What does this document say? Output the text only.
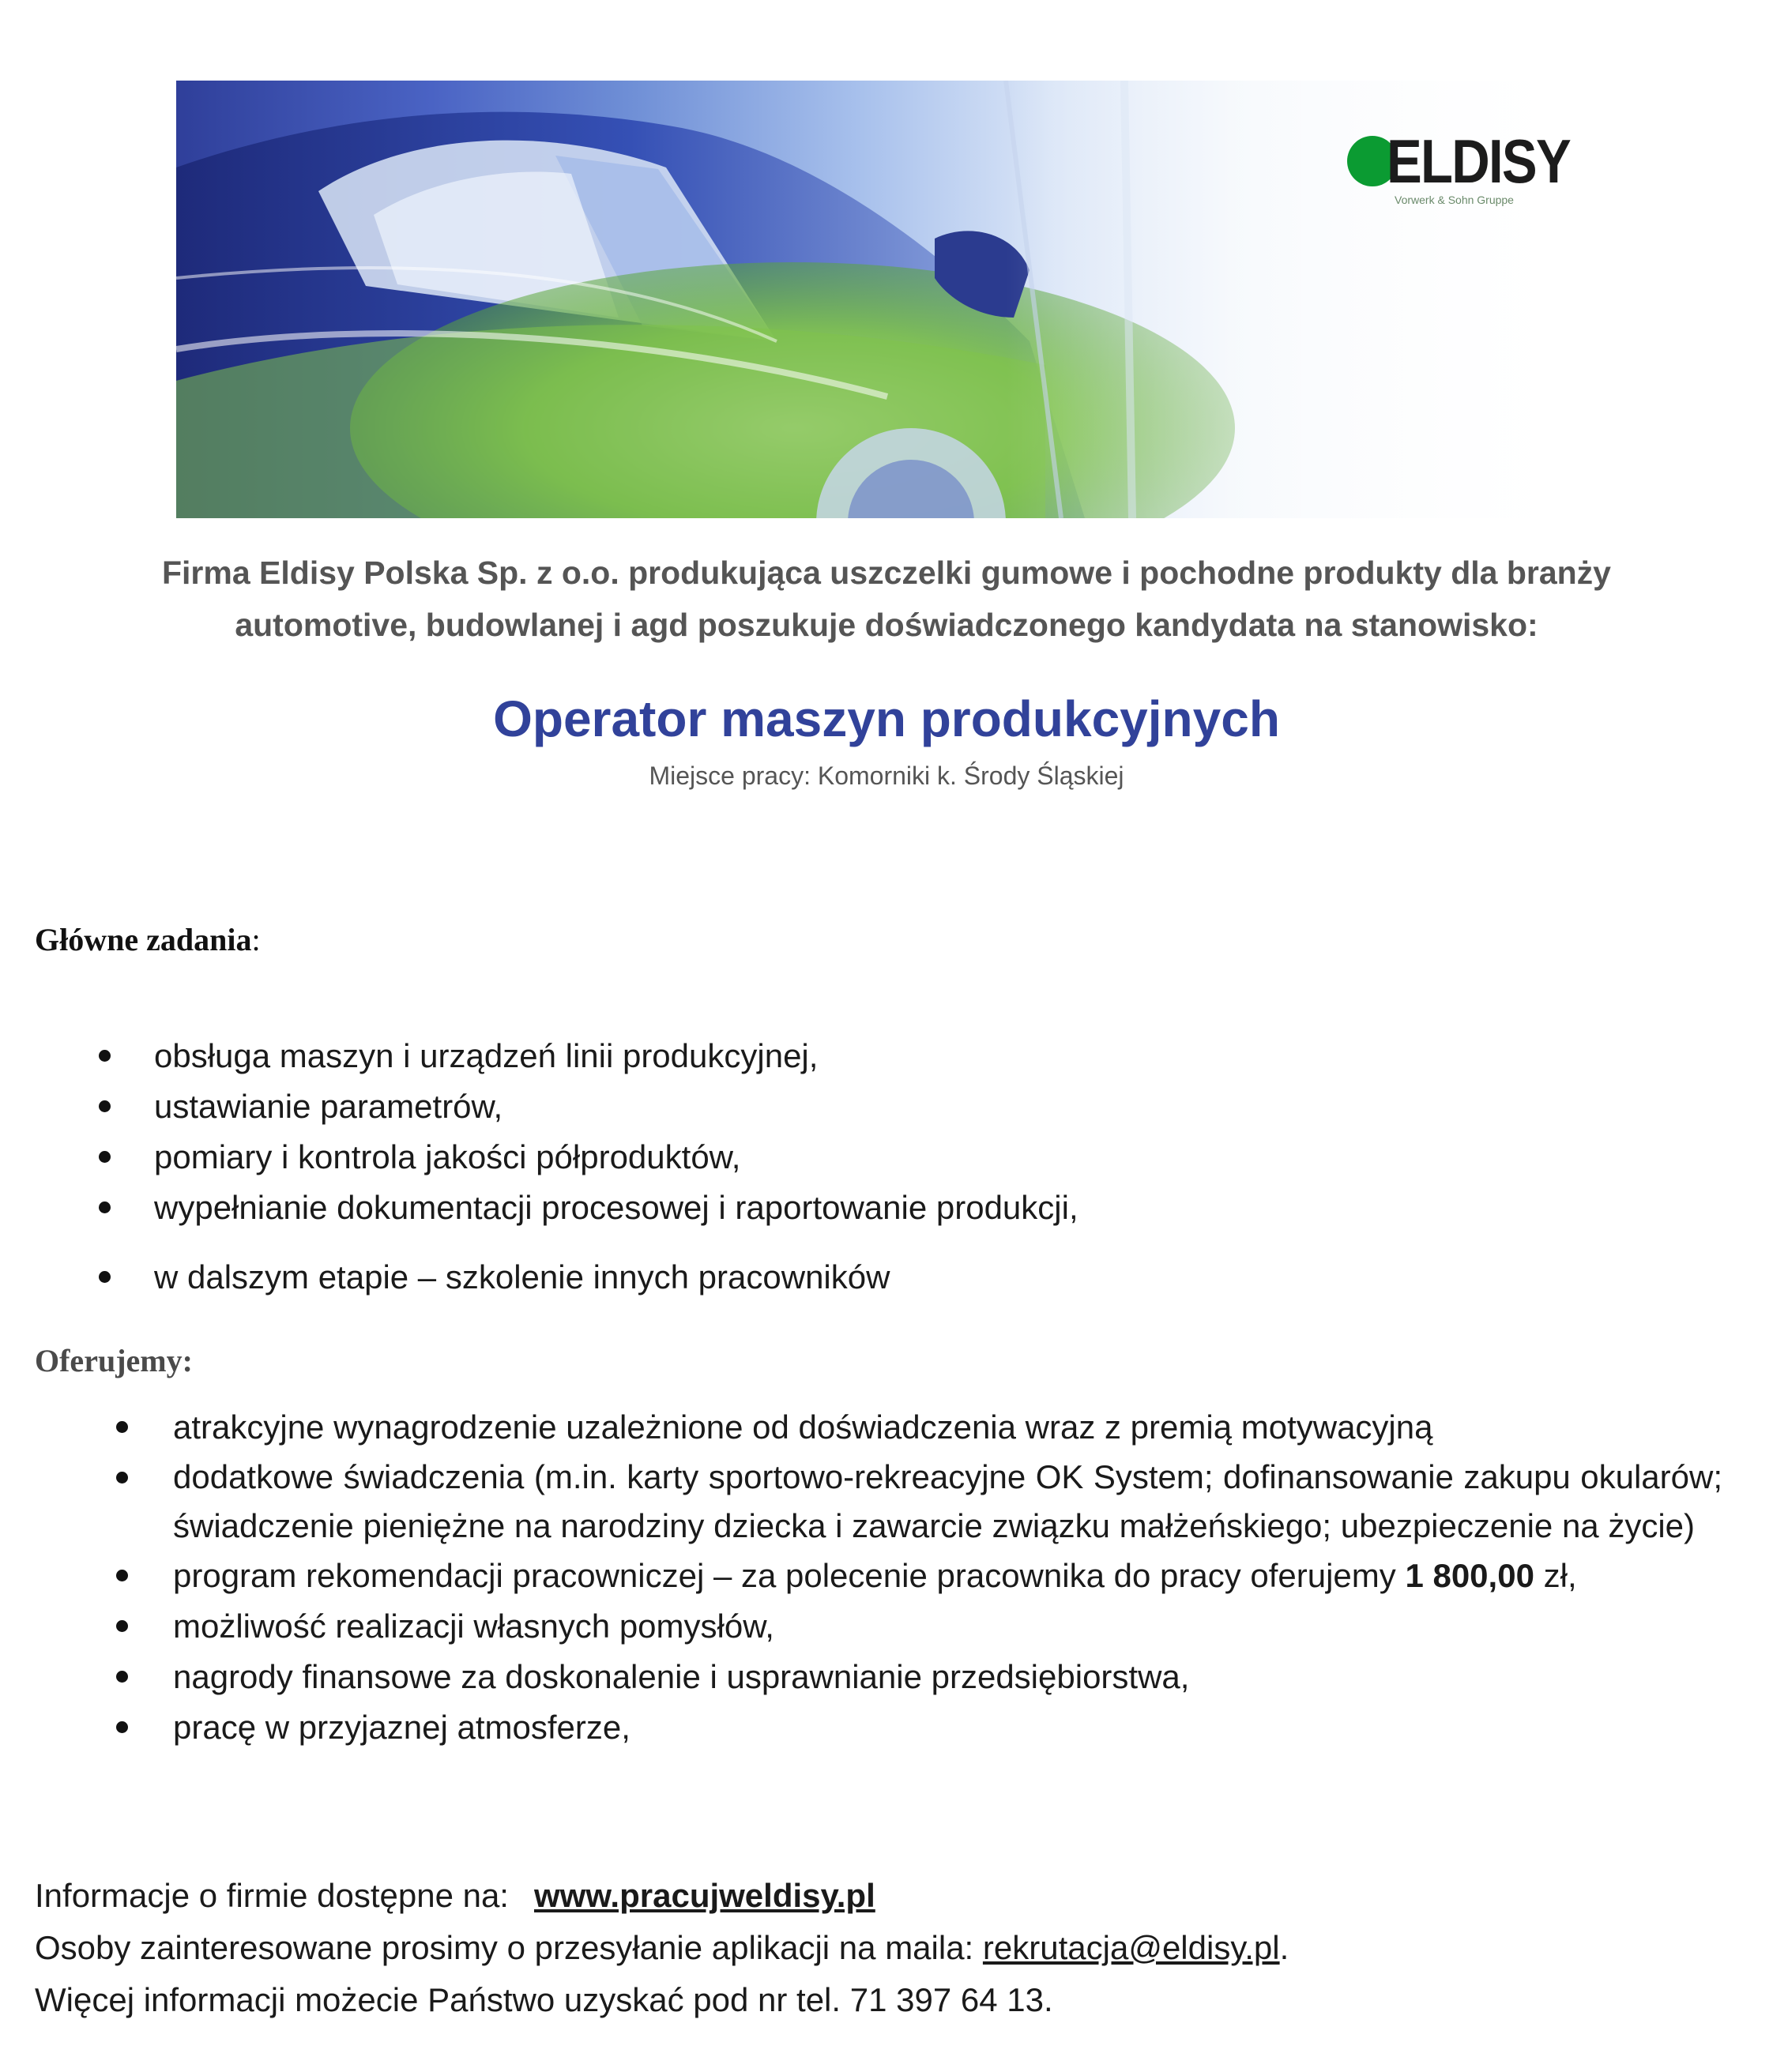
ELDISY
Vorwerk & Sohn Gruppe
Firma Eldisy Polska Sp. z o.o. produkująca uszczelki gumowe i pochodne produkty dla branży
automotive, budowlanej i agd poszukuje doświadczonego kandydata na stanowisko:
Operator maszyn produkcyjnych
Miejsce pracy: Komorniki k. Środy Śląskiej
Główne zadania:
obsługa maszyn i urządzeń linii produkcyjnej,
ustawianie parametrów,
pomiary i kontrola jakości półproduktów,
wypełnianie dokumentacji procesowej i raportowanie produkcji,
w dalszym etapie – szkolenie innych pracowników
Oferujemy:
atrakcyjne wynagrodzenie uzależnione od doświadczenia wraz z premią motywacyjną
dodatkowe świadczenia (m.in. karty sportowo-rekreacyjne OK System; dofinansowanie zakupu okularów; świadczenie pieniężne na narodziny dziecka i zawarcie związku małżeńskiego; ubezpieczenie na życie)
program rekomendacji pracowniczej – za polecenie pracownika do pracy oferujemy 1 800,00 zł,
możliwość realizacji własnych pomysłów,
nagrody finansowe za doskonalenie i usprawnianie przedsiębiorstwa,
pracę w przyjaznej atmosferze,
Informacje o firmie dostępne na: www.pracujweldisy.pl
Osoby zainteresowane prosimy o przesyłanie aplikacji na maila: rekrutacja@eldisy.pl.
Więcej informacji możecie Państwo uzyskać pod nr tel. 71 397 64 13.
